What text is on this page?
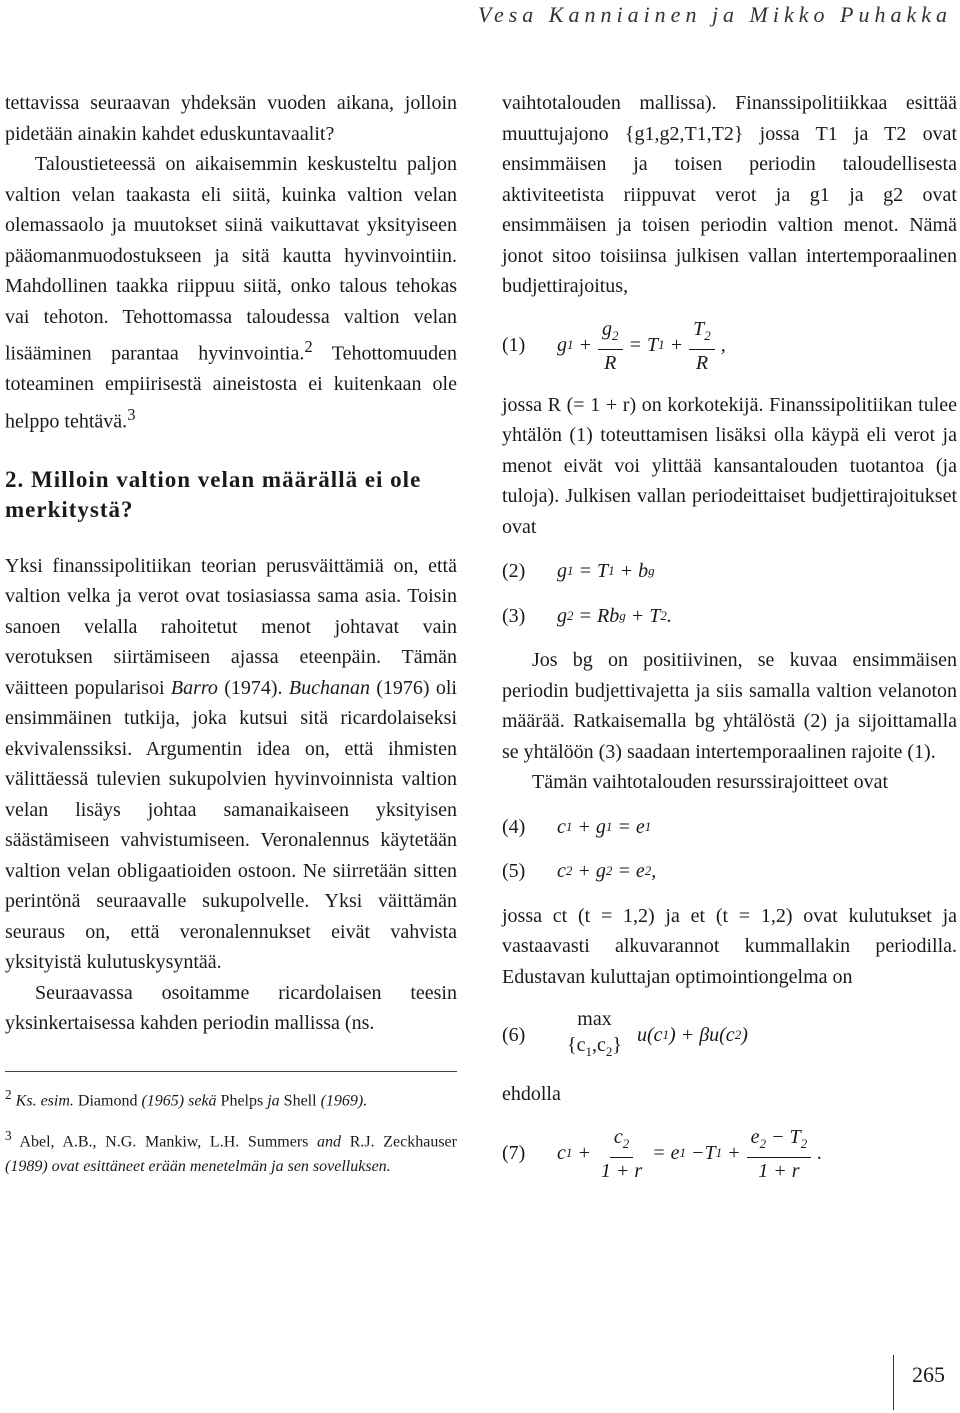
Vesa Kanniainen ja Mikko Puhakka

tettavissa seuraavan yhdeksän vuoden aikana, jolloin pidetään ainakin kahdet eduskuntavaalit?

Taloustieteessä on aikaisemmin keskusteltu paljon valtion velan taakasta eli siitä, kuinka valtion velan olemassaolo ja muutokset siinä vaikuttavat yksityiseen pääomanmuodostukseen ja sitä kautta hyvinvointiin. Mahdollinen taakka riippuu siitä, onko talous tehokas vai tehoton. Tehottomassa taloudessa valtion velan lisääminen parantaa hyvinvointia.$^2$ Tehottomuuden toteaminen empiirisestä aineistosta ei kuitenkaan ole helppo tehtävä.$^3$

2. Milloin valtion velan määrällä ei ole merkitystä?

Yksi finanssipolitiikan teorian perusväittämiä on, että valtion velka ja verot ovat tosiasiassa sama asia. Toisin sanoen velalla rahoitetut menot johtavat vain verotuksen siirtämiseen ajassa eteenpäin. Tämän väitteen popularisoi Barro (1974). Buchanan (1976) oli ensimmäinen tutkija, joka kutsui sitä ricardolaiseksi ekvivalenssiksi. Argumentin idea on, että ihmisten välittäessä tulevien sukupolvien hyvinvoinnista valtion velan lisäys johtaa samanaikaiseen yksityisen säästämiseen vahvistumiseen. Veronalennus käytetään valtion velan obligaatioiden ostoon. Ne siirretään sitten perintönä seuraavalle sukupolvelle. Yksi väittämän seuraus on, että veronalennukset eivät vahvista yksityistä kulutuskysyntää.

Seuraavassa osoitamme ricardolaisen teesin yksinkertaisessa kahden periodin mallissa (ns.

$^2$ Ks. esim. Diamond (1965) sekä Phelps ja Shell (1969).
$^3$ Abel, A.B., N.G. Mankiw, L.H. Summers and R.J. Zeckhauser (1989) ovat esittäneet erään menetelmän ja sen sovelluksen.

vaihtotalouden mallissa). Finanssipolitiikkaa esittää muuttujajono {g1,g2,T1,T2} jossa T1 ja T2 ovat ensimmäisen ja toisen periodin taloudellisesta aktiviteetista riippuvat verot ja g1 ja g2 ovat ensimmäisen ja toisen periodin valtion menot. Nämä jonot sitoo toisiinsa julkisen vallan intertemporaalinen budjettirajoitus,

(1)	g $1 + \frac{g_2}{R} = T$ $1 + \frac{T_2}{R}$ ,

jossa R (= 1 + r) on korkotekijä. Finanssipolitiikan tulee yhtälön (1) toteuttamisen lisäksi olla käypä eli verot ja menot eivät voi ylittää kansantalouden tuotantoa (ja tuloja). Julkisen vallan periodeittaiset budjettirajoitukset ovat

(2)	g 1 = T 1 + b g
(3)	g 2 = Rb g + T 2 .

Jos bg on positiivinen, se kuvaa ensimmäisen periodin budjettivajetta ja siis samalla valtion velanoton määrää. Ratkaisemalla bg yhtälöstä (2) ja sijoittamalla se yhtälöön (3) saadaan intertemporaalinen rajoite (1).

Tämän vaihtotalouden resurssirajoitteet ovat

(4)	c 1 + g 1 = e 1
(5)	c 2 + g 2 = e 2 ,

jossa ct (t = 1,2) ja et (t = 1,2) ovat kulutukset ja vastaavasti alkuvarannot kummallakin periodilla. Edustavan kuluttajan optimointiongelma on

(6)
max
$\{c_1,c_2\}$ u(c 1 ) + βu(c 2 )

ehdolla

(7)	c $1 + \frac{c_2}{1 + r} = e$ 1 −T $1 + \frac{e_2 - T_2}{1 + r}$ .
265
